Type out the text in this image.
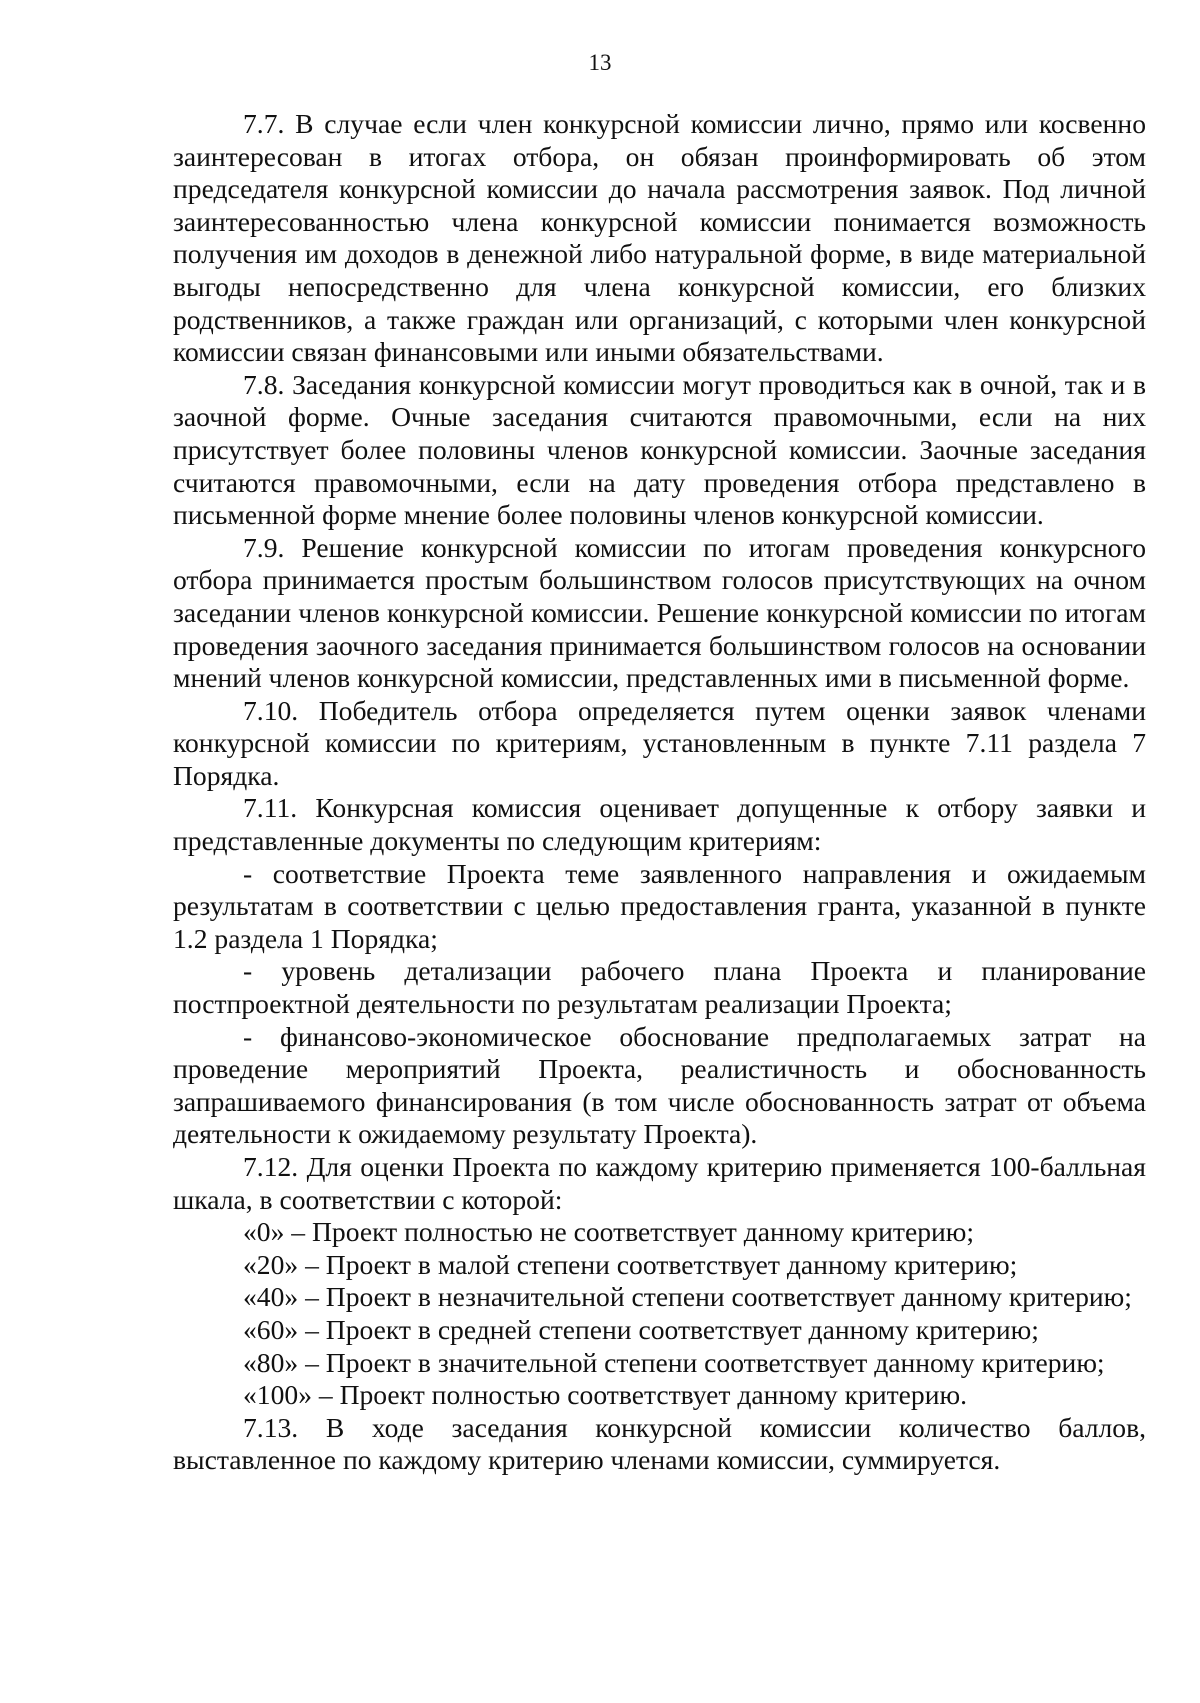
13

7.7. В случае если член конкурсной комиссии лично, прямо или косвенно заинтересован в итогах отбора, он обязан проинформировать об этом председателя конкурсной комиссии до начала рассмотрения заявок. Под личной заинтересованностью члена конкурсной комиссии понимается возможность получения им доходов в денежной либо натуральной форме, в виде материальной выгоды непосредственно для члена конкурсной комиссии, его близких родственников, а также граждан или организаций, с которыми член конкурсной комиссии связан финансовыми или иными обязательствами.

7.8. Заседания конкурсной комиссии могут проводиться как в очной, так и в заочной форме. Очные заседания считаются правомочными, если на них присутствует более половины членов конкурсной комиссии. Заочные заседания считаются правомочными, если на дату проведения отбора представлено в письменной форме мнение более половины членов конкурсной комиссии.

7.9. Решение конкурсной комиссии по итогам проведения конкурсного отбора принимается простым большинством голосов присутствующих на очном заседании членов конкурсной комиссии. Решение конкурсной комиссии по итогам проведения заочного заседания принимается большинством голосов на основании мнений членов конкурсной комиссии, представленных ими в письменной форме.

7.10. Победитель отбора определяется путем оценки заявок членами конкурсной комиссии по критериям, установленным в пункте 7.11 раздела 7 Порядка.

7.11. Конкурсная комиссия оценивает допущенные к отбору заявки и представленные документы по следующим критериям:

- соответствие Проекта теме заявленного направления и ожидаемым результатам в соответствии с целью предоставления гранта, указанной в пункте 1.2 раздела 1 Порядка;

- уровень детализации рабочего плана Проекта и планирование постпроектной деятельности по результатам реализации Проекта;

- финансово-экономическое обоснование предполагаемых затрат на проведение мероприятий Проекта, реалистичность и обоснованность запрашиваемого финансирования (в том числе обоснованность затрат от объема деятельности к ожидаемому результату Проекта).

7.12. Для оценки Проекта по каждому критерию применяется 100-балльная шкала, в соответствии с которой:

«0» – Проект полностью не соответствует данному критерию;

«20» – Проект в малой степени соответствует данному критерию;

«40» – Проект в незначительной степени соответствует данному критерию;

«60» – Проект в средней степени соответствует данному критерию;

«80» – Проект в значительной степени соответствует данному критерию;

«100» – Проект полностью соответствует данному критерию.

7.13. В ходе заседания конкурсной комиссии количество баллов, выставленное по каждому критерию членами комиссии, суммируется.
